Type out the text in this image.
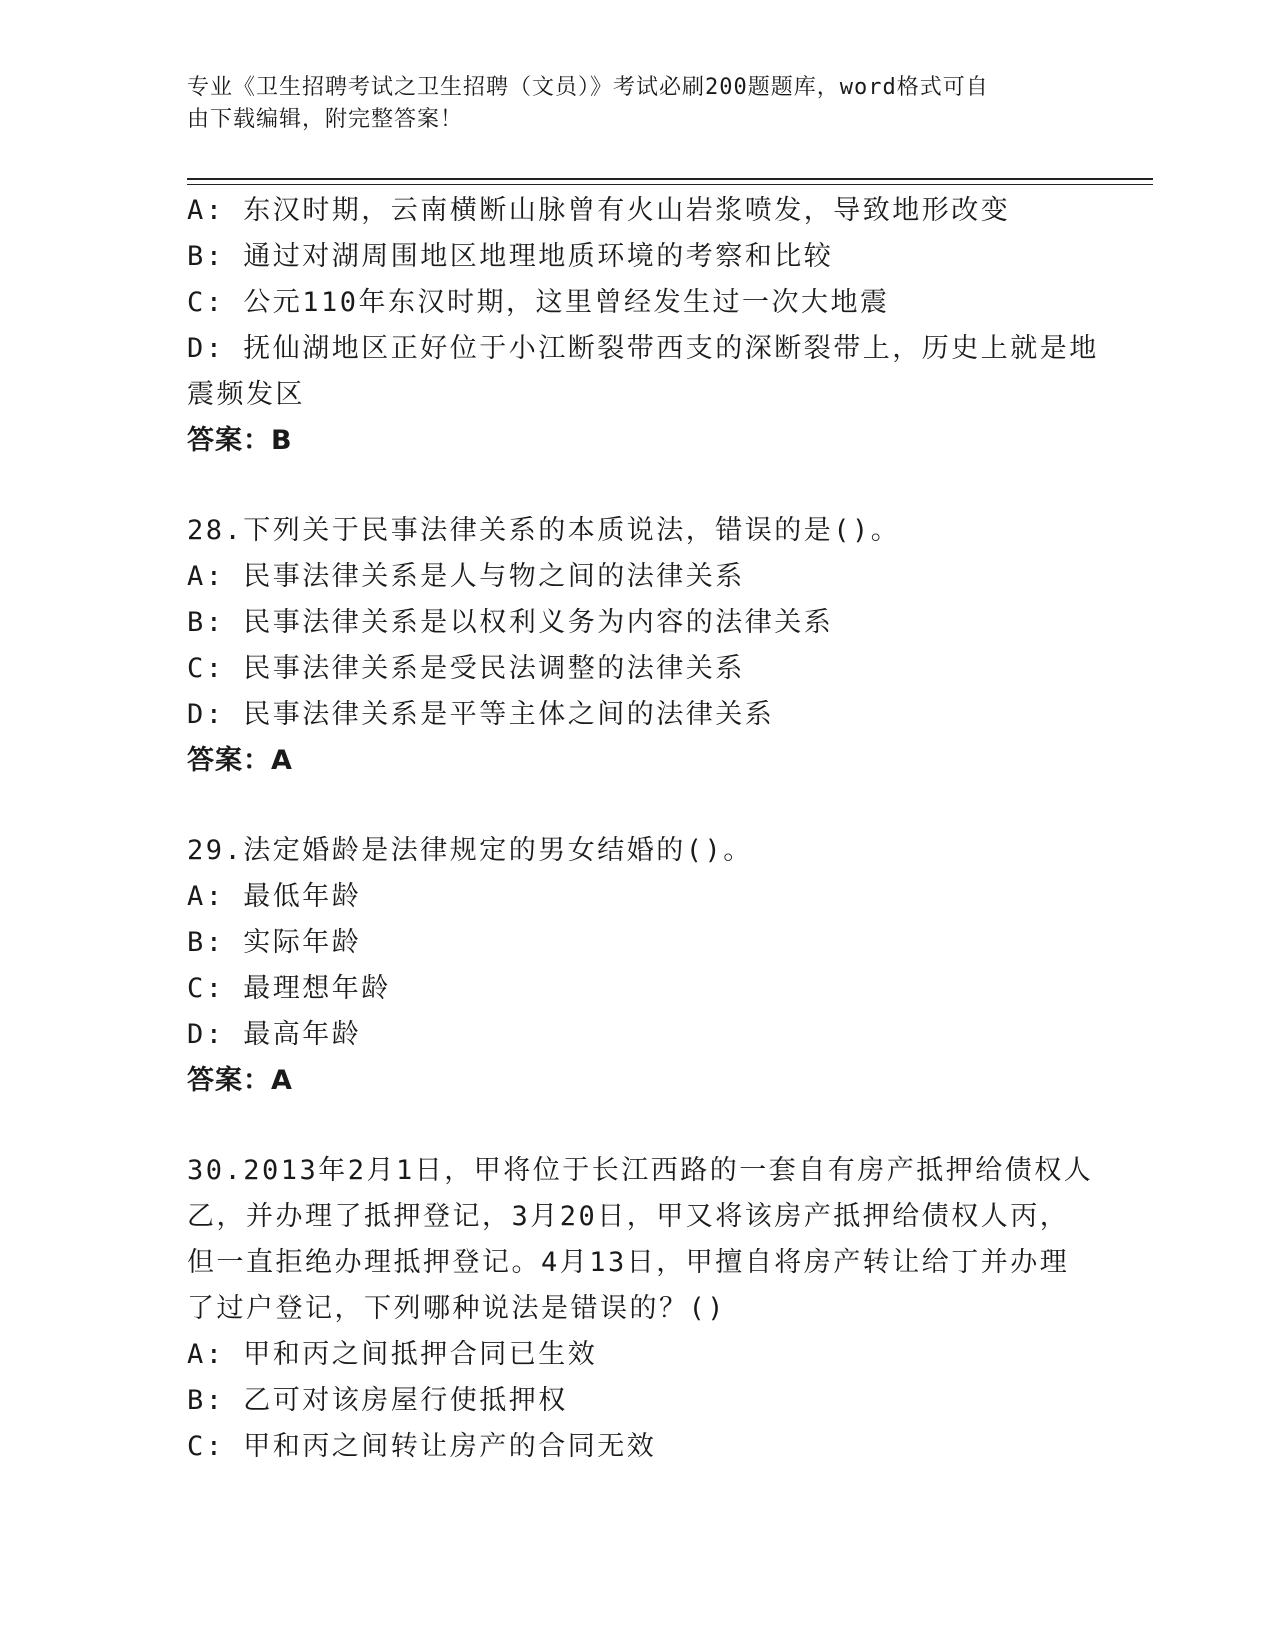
专业《卫生招聘考试之卫生招聘（文员）》考试必刷200题题库，word格式可自
由下载编辑，附完整答案！
A: 东汉时期，云南横断山脉曾有火山岩浆喷发，导致地形改变
B: 通过对湖周围地区地理地质环境的考察和比较
C: 公元110年东汉时期，这里曾经发生过一次大地震
D: 抚仙湖地区正好位于小江断裂带西支的深断裂带上，历史上就是地
震频发区
答案：B
28.下列关于民事法律关系的本质说法，错误的是()。
A: 民事法律关系是人与物之间的法律关系
B: 民事法律关系是以权利义务为内容的法律关系
C: 民事法律关系是受民法调整的法律关系
D: 民事法律关系是平等主体之间的法律关系
答案：A
29.法定婚龄是法律规定的男女结婚的()。
A: 最低年龄
B: 实际年龄
C: 最理想年龄
D: 最高年龄
答案：A
30.2013年2月1日，甲将位于长江西路的一套自有房产抵押给债权人
乙，并办理了抵押登记，3月20日，甲又将该房产抵押给债权人丙，
但一直拒绝办理抵押登记。4月13日，甲擅自将房产转让给丁并办理
了过户登记，下列哪种说法是错误的？()
A: 甲和丙之间抵押合同已生效
B: 乙可对该房屋行使抵押权
C: 甲和丙之间转让房产的合同无效
